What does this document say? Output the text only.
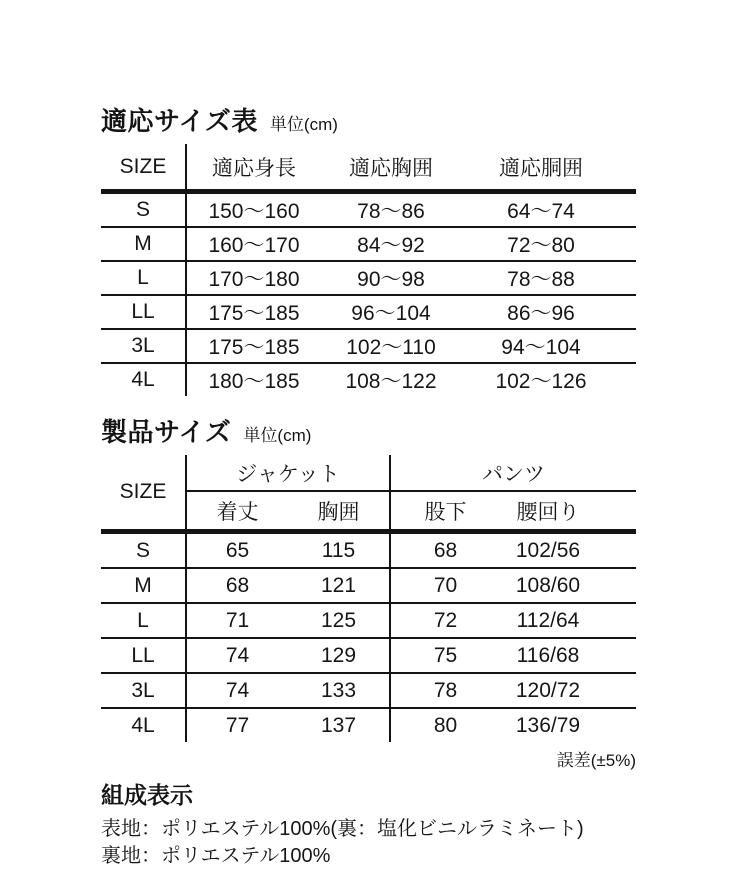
適応サイズ表 単位(cm)
SIZE	適応身長	適応胸囲	適応胴囲
S	150〜160	78〜86	64〜74
M	160〜170	84〜92	72〜80
L	170〜180	90〜98	78〜88
LL	175〜185	96〜104	86〜96
3L	175〜185	102〜110	94〜104
4L	180〜185	108〜122	102〜126
製品サイズ 単位(cm)
SIZE	ジャケット		パンツ	
	着丈	胸囲	股下	腰回り
S	65	115	68	102/56
M	68	121	70	108/60
L	71	125	72	112/64
LL	74	129	75	116/68
3L	74	133	78	120/72
4L	77	137	80	136/79
誤差(±5%)
組成表示

表地：ポリエステル100%(裏：塩化ビニルラミネート)

裏地：ポリエステル100%
